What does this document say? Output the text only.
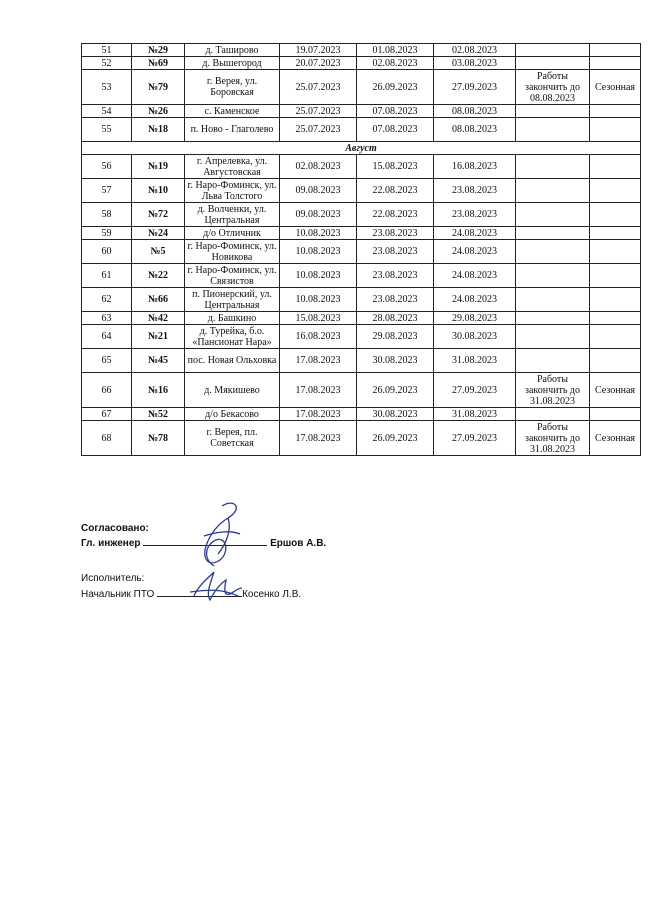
51	№29	д. Таширово	19.07.2023	01.08.2023	02.08.2023		
52	№69	д. Вышегород	20.07.2023	02.08.2023	03.08.2023		
53	№79	г. Верея, ул. Боровская	25.07.2023	26.09.2023	27.09.2023	Работы закончить до 08.08.2023	Сезонная
54	№26	с. Каменское	25.07.2023	07.08.2023	08.08.2023		
55	№18	п. Ново - Глаголево	25.07.2023	07.08.2023	08.08.2023		
Август							
56	№19	г. Апрелевка, ул. Августовская	02.08.2023	15.08.2023	16.08.2023		
57	№10	г. Наро-Фоминск, ул. Льва Толстого	09.08.2023	22.08.2023	23.08.2023		
58	№72	д. Волченки, ул. Центральная	09.08.2023	22.08.2023	23.08.2023		
59	№24	д/о Отличник	10.08.2023	23.08.2023	24.08.2023		
60	№5	г. Наро-Фоминск, ул. Новикова	10.08.2023	23.08.2023	24.08.2023		
61	№22	г. Наро-Фоминск, ул. Связистов	10.08.2023	23.08.2023	24.08.2023		
62	№66	п. Пионерский, ул. Центральная	10.08.2023	23.08.2023	24.08.2023		
63	№42	д. Башкино	15.08.2023	28.08.2023	29.08.2023		
64	№21	д. Турейка, б.о. «Пансионат Нара»	16.08.2023	29.08.2023	30.08.2023		
65	№45	пос. Новая Ольховка	17.08.2023	30.08.2023	31.08.2023		
66	№16	д. Мякишево	17.08.2023	26.09.2023	27.09.2023	Работы закончить до 31.08.2023	Сезонная
67	№52	д/о Бекасово	17.08.2023	30.08.2023	31.08.2023		
68	№78	г. Верея, пл. Советская	17.08.2023	26.09.2023	27.09.2023	Работы закончить до 31.08.2023	Сезонная
Согласовано:
Гл. инженер	Ершов А.В.
Исполнитель:
Начальник ПТО	Косенко Л.В.
